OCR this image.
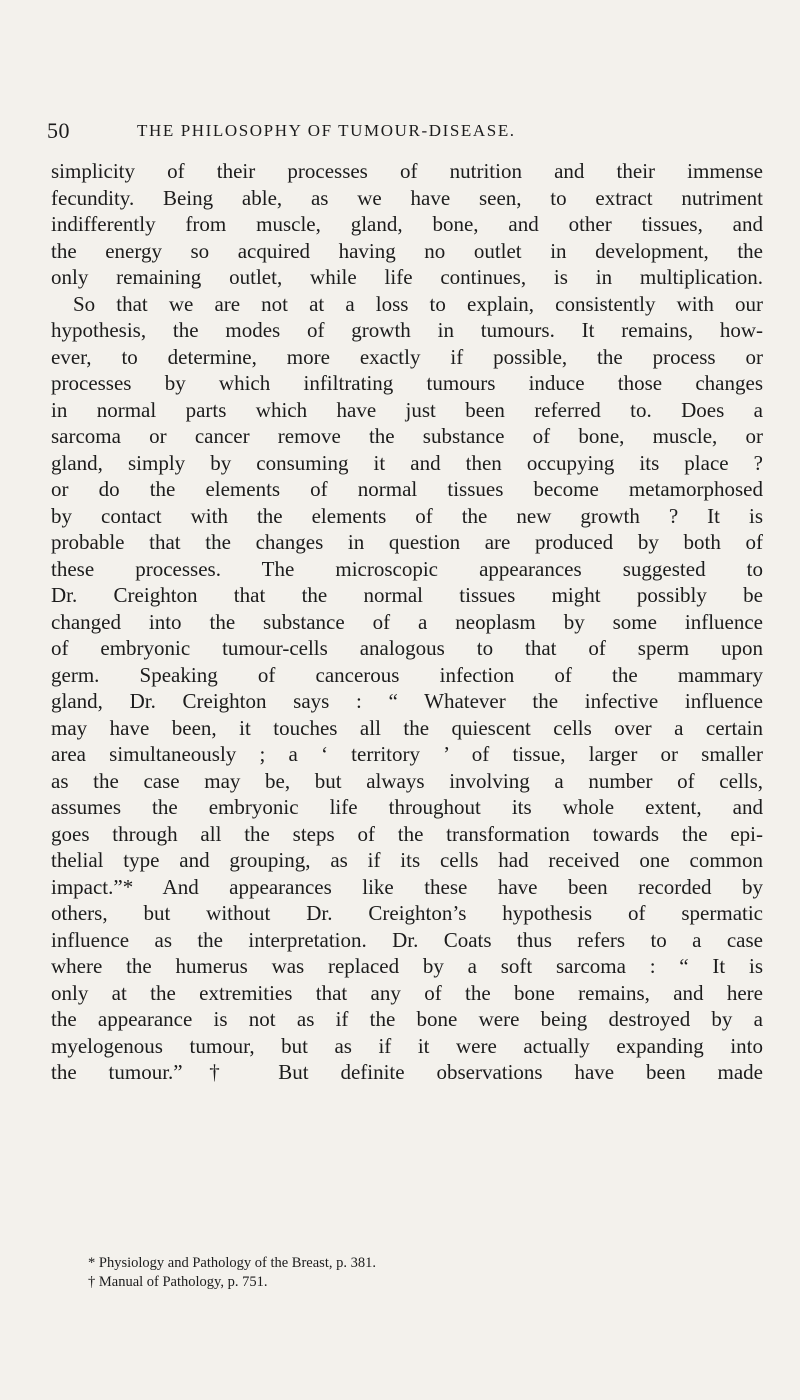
50	THE PHILOSOPHY OF TUMOUR-DISEASE.
simplicity of their processes of nutrition and their immense
fecundity. Being able, as we have seen, to extract nutriment
indifferently from muscle, gland, bone, and other tissues, and
the energy so acquired having no outlet in development, the
only remaining outlet, while life continues, is in multiplication.
So that we are not at a loss to explain, consistently with our
hypothesis, the modes of growth in tumours. It remains, how-
ever, to determine, more exactly if possible, the process or
processes by which infiltrating tumours induce those changes
in normal parts which have just been referred to. Does a
sarcoma or cancer remove the substance of bone, muscle, or
gland, simply by consuming it and then occupying its place ?
or do the elements of normal tissues become metamorphosed
by contact with the elements of the new growth ? It is
probable that the changes in question are produced by both of
these processes. The microscopic appearances suggested to
Dr. Creighton that the normal tissues might possibly be
changed into the substance of a neoplasm by some influence
of embryonic tumour-cells analogous to that of sperm upon
germ. Speaking of cancerous infection of the mammary
gland, Dr. Creighton says : “ Whatever the infective influence
may have been, it touches all the quiescent cells over a certain
area simultaneously ; a ‘ territory ’ of tissue, larger or smaller
as the case may be, but always involving a number of cells,
assumes the embryonic life throughout its whole extent, and
goes through all the steps of the transformation towards the epi-
thelial type and grouping, as if its cells had received one common
impact.”* And appearances like these have been recorded by
others, but without Dr. Creighton’s hypothesis of spermatic
influence as the interpretation. Dr. Coats thus refers to a case
where the humerus was replaced by a soft sarcoma : “ It is
only at the extremities that any of the bone remains, and here
the appearance is not as if the bone were being destroyed by a
myelogenous tumour, but as if it were actually expanding into
the tumour.”† But definite observations have been made
* Physiology and Pathology of the Breast, p. 381.
† Manual of Pathology, p. 751.
